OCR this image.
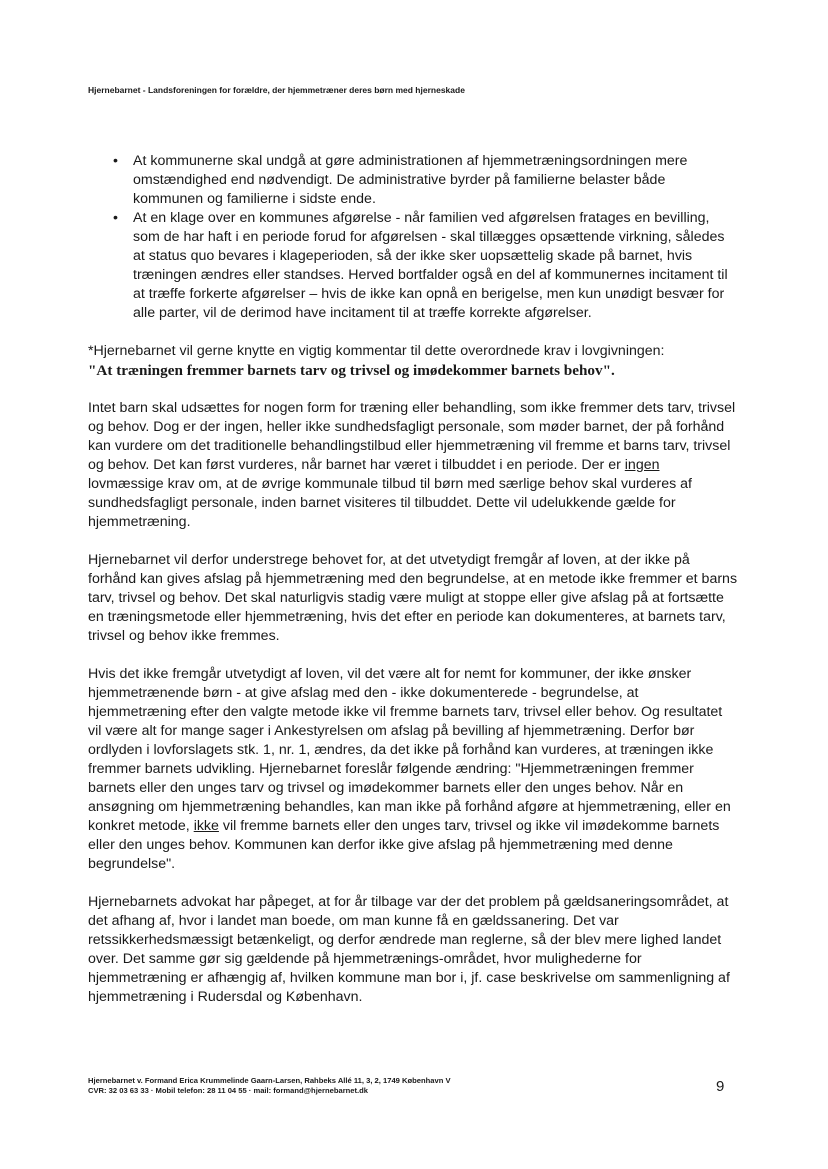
Hjernebarnet - Landsforeningen for forældre, der hjemmetræner deres børn med hjerneskade
• At kommunerne skal undgå at gøre administrationen af hjemmetræningsordningen mere omstændighed end nødvendigt. De administrative byrder på familierne belaster både kommunen og familierne i sidste ende.
• At en klage over en kommunes afgørelse - når familien ved afgørelsen fratages en bevilling, som de har haft i en periode forud for afgørelsen - skal tillægges opsættende virkning, således at status quo bevares i klageperioden, så der ikke sker uopsættelig skade på barnet, hvis træningen ændres eller standses. Herved bortfalder også en del af kommunernes incitament til at træffe forkerte afgørelser – hvis de ikke kan opnå en berigelse, men kun unødigt besvær for alle parter, vil de derimod have incitament til at træffe korrekte afgørelser.

*Hjernebarnet vil gerne knytte en vigtig kommentar til dette overordnede krav i lovgivningen:

"At træningen fremmer barnets tarv og trivsel og imødekommer barnets behov".

Intet barn skal udsættes for nogen form for træning eller behandling, som ikke fremmer dets tarv, trivsel og behov. Dog er der ingen, heller ikke sundhedsfagligt personale, som møder barnet, der på forhånd kan vurdere om det traditionelle behandlingstilbud eller hjemmetræning vil fremme et barns tarv, trivsel og behov. Det kan først vurderes, når barnet har været i tilbuddet i en periode. Der er ingen lovmæssige krav om, at de øvrige kommunale tilbud til børn med særlige behov skal vurderes af sundhedsfagligt personale, inden barnet visiteres til tilbuddet. Dette vil udelukkende gælde for hjemmetræning.

Hjernebarnet vil derfor understrege behovet for, at det utvetydigt fremgår af loven, at der ikke på forhånd kan gives afslag på hjemmetræning med den begrundelse, at en metode ikke fremmer et barns tarv, trivsel og behov. Det skal naturligvis stadig være muligt at stoppe eller give afslag på at fortsætte en træningsmetode eller hjemmetræning, hvis det efter en periode kan dokumenteres, at barnets tarv, trivsel og behov ikke fremmes.

Hvis det ikke fremgår utvetydigt af loven, vil det være alt for nemt for kommuner, der ikke ønsker hjemmetrænende børn - at give afslag med den - ikke dokumenterede - begrundelse, at hjemmetræning efter den valgte metode ikke vil fremme barnets tarv, trivsel eller behov. Og resultatet vil være alt for mange sager i Ankestyrelsen om afslag på bevilling af hjemmetræning. Derfor bør ordlyden i lovforslagets stk. 1, nr. 1, ændres, da det ikke på forhånd kan vurderes, at træningen ikke fremmer barnets udvikling. Hjernebarnet foreslår følgende ændring: "Hjemmetræningen fremmer barnets eller den unges tarv og trivsel og imødekommer barnets eller den unges behov. Når en ansøgning om hjemmetræning behandles, kan man ikke på forhånd afgøre at hjemmetræning, eller en konkret metode, ikke vil fremme barnets eller den unges tarv, trivsel og ikke vil imødekomme barnets eller den unges behov. Kommunen kan derfor ikke give afslag på hjemmetræning med denne begrundelse".

Hjernebarnets advokat har påpeget, at for år tilbage var der det problem på gældsaneringsområdet, at det afhang af, hvor i landet man boede, om man kunne få en gældssanering. Det var retssikkerhedsmæssigt betænkeligt, og derfor ændrede man reglerne, så der blev mere lighed landet over. Det samme gør sig gældende på hjemmetrænings-området, hvor mulighederne for hjemmetræning er afhængig af, hvilken kommune man bor i, jf. case beskrivelse om sammenligning af hjemmetræning i Rudersdal og København.

Hjernebarnet v. Formand Erica Krummelinde Gaarn-Larsen, Rahbeks Allé 11, 3, 2, 1749 København V
CVR: 32 03 63 33 · Mobil telefon: 28 11 04 55 · mail: formand@hjernebarnet.dk	9
